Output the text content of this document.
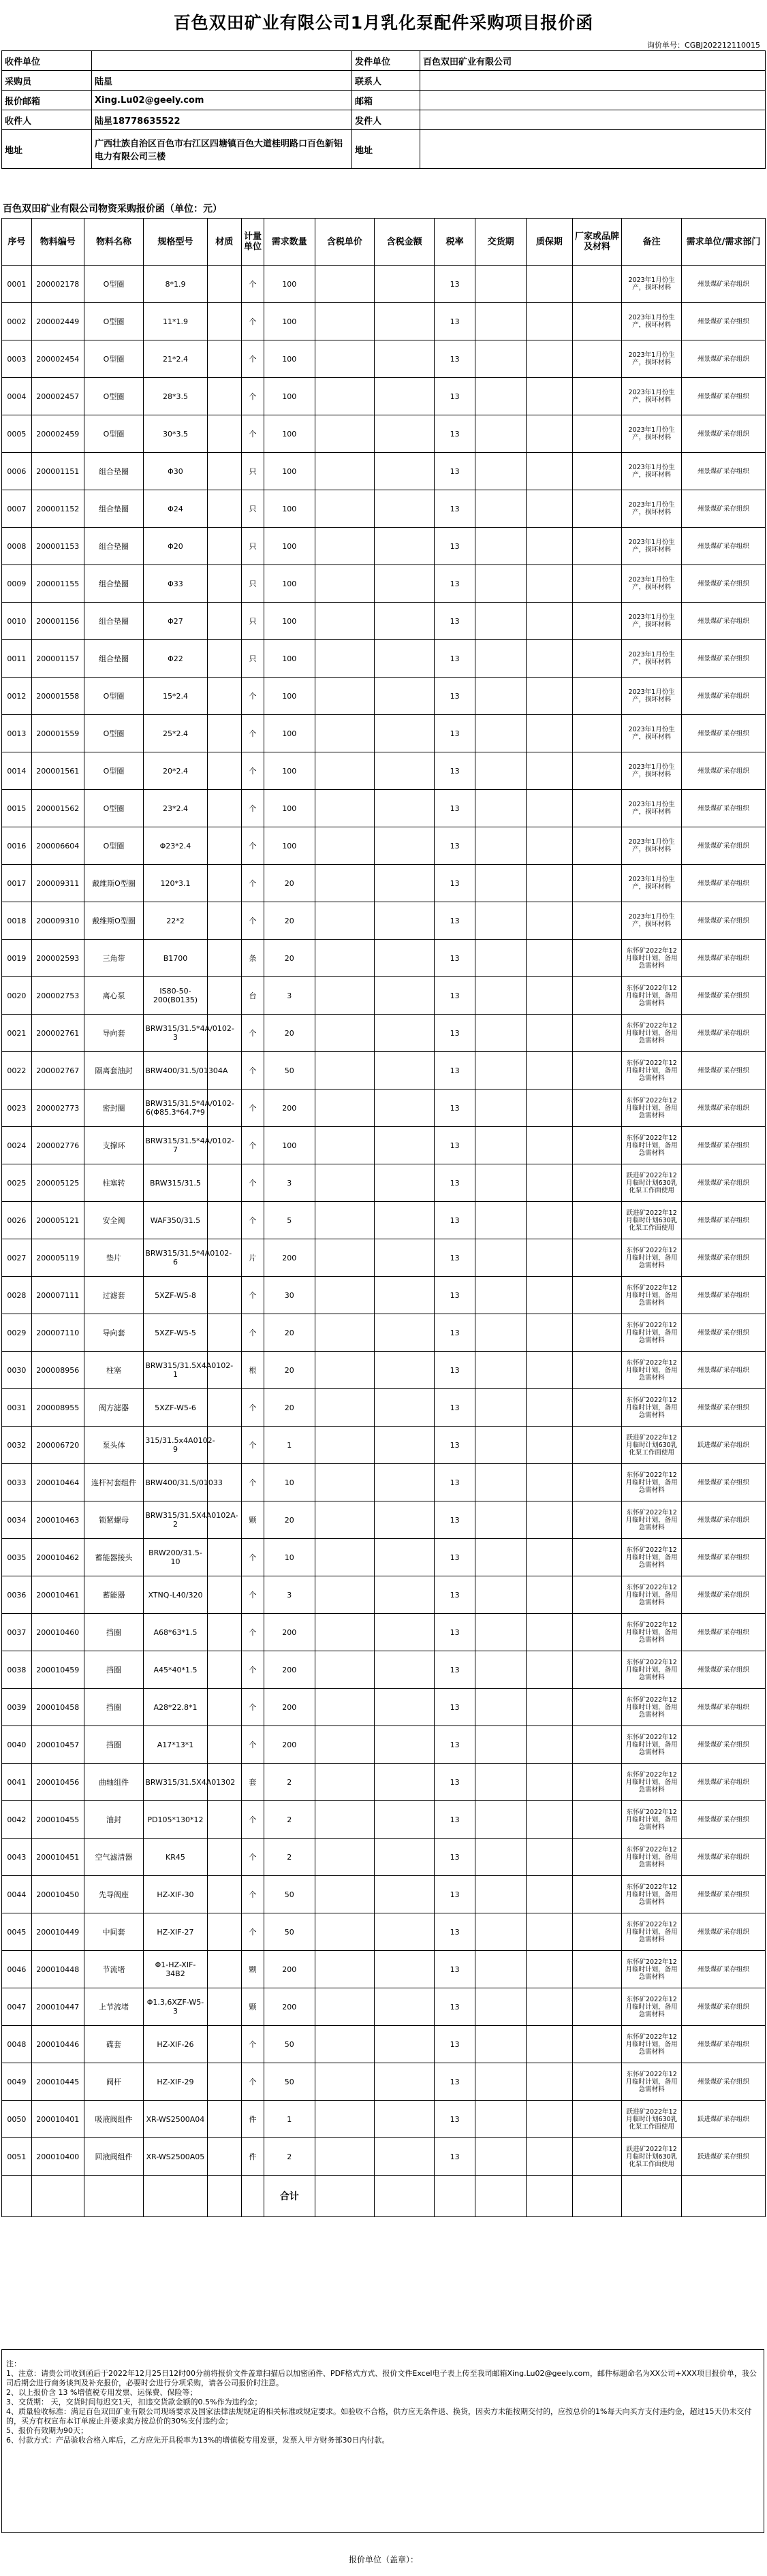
百色双田矿业有限公司1月乳化泵配件采购项目报价函
询价单号：CGBJ202212110015
收件单位		发件单位	百色双田矿业有限公司
采购员	陆星	联系人	
报价邮箱	Xing.Lu02@geely.com	邮箱	
收件人	陆星18778635522	发件人	
地址	广西壮族自治区百色市右江区四塘镇百色大道桂明路口百色新铝电力有限公司三楼	地址	
百色双田矿业有限公司物资采购报价函（单位：元）
序号	物料编号	物料名称	规格型号	材质	计量单位	需求数量	含税单价	含税金额	税率	交货期	质保期	厂家或品牌及材料	备注	需求单位/需求部门
0001	200002178	O型圈	8*1.9		个	100			13				2023年1月份生产，损坏材料	州景煤矿采存组织
0002	200002449	O型圈	11*1.9		个	100			13				2023年1月份生产，损坏材料	州景煤矿采存组织
0003	200002454	O型圈	21*2.4		个	100			13				2023年1月份生产，损坏材料	州景煤矿采存组织
0004	200002457	O型圈	28*3.5		个	100			13				2023年1月份生产，损坏材料	州景煤矿采存组织
0005	200002459	O型圈	30*3.5		个	100			13				2023年1月份生产，损坏材料	州景煤矿采存组织
0006	200001151	组合垫圈	Φ30		只	100			13				2023年1月份生产，损坏材料	州景煤矿采存组织
0007	200001152	组合垫圈	Φ24		只	100			13				2023年1月份生产，损坏材料	州景煤矿采存组织
0008	200001153	组合垫圈	Φ20		只	100			13				2023年1月份生产，损坏材料	州景煤矿采存组织
0009	200001155	组合垫圈	Φ33		只	100			13				2023年1月份生产，损坏材料	州景煤矿采存组织
0010	200001156	组合垫圈	Φ27		只	100			13				2023年1月份生产，损坏材料	州景煤矿采存组织
0011	200001157	组合垫圈	Φ22		只	100			13				2023年1月份生产，损坏材料	州景煤矿采存组织
0012	200001558	O型圈	15*2.4		个	100			13				2023年1月份生产，损坏材料	州景煤矿采存组织
0013	200001559	O型圈	25*2.4		个	100			13				2023年1月份生产，损坏材料	州景煤矿采存组织
0014	200001561	O型圈	20*2.4		个	100			13				2023年1月份生产，损坏材料	州景煤矿采存组织
0015	200001562	O型圈	23*2.4		个	100			13				2023年1月份生产，损坏材料	州景煤矿采存组织
0016	200006604	O型圈	Φ23*2.4		个	100			13				2023年1月份生产，损坏材料	州景煤矿采存组织
0017	200009311	戴维斯O型圈	120*3.1		个	20			13				2023年1月份生产，损坏材料	州景煤矿采存组织
0018	200009310	戴维斯O型圈	22*2		个	20			13				2023年1月份生产，损坏材料	州景煤矿采存组织
0019	200002593	三角带	B1700		条	20			13				东怀矿2022年12月临时计划，备用急需材料	州景煤矿采存组织
0020	200002753	离心泵	IS80-50-200(B0135)		台	3			13				东怀矿2022年12月临时计划，备用急需材料	州景煤矿采存组织
0021	200002761	导向套	BRW315/31.5*4A/0102-3		个	20			13				东怀矿2022年12月临时计划，备用急需材料	州景煤矿采存组织
0022	200002767	隔离套油封	BRW400/31.5/01304A		个	50			13				东怀矿2022年12月临时计划，备用急需材料	州景煤矿采存组织
0023	200002773	密封圈	BRW315/31.5*4A/0102-6(Φ85.3*64.7*9		个	200			13				东怀矿2022年12月临时计划，备用急需材料	州景煤矿采存组织
0024	200002776	支撑环	BRW315/31.5*4A/0102-7		个	100			13				东怀矿2022年12月临时计划，备用急需材料	州景煤矿采存组织
0025	200005125	柱塞转	BRW315/31.5		个	3			13				跃进矿2022年12月临时计划630乳化泵工作面使用	州景煤矿采存组织
0026	200005121	安全阀	WAF350/31.5		个	5			13				跃进矿2022年12月临时计划630乳化泵工作面使用	州景煤矿采存组织
0027	200005119	垫片	BRW315/31.5*4A0102-6		片	200			13				东怀矿2022年12月临时计划，备用急需材料	州景煤矿采存组织
0028	200007111	过滤套	5XZF-W5-8		个	30			13				东怀矿2022年12月临时计划，备用急需材料	州景煤矿采存组织
0029	200007110	导向套	5XZF-W5-5		个	20			13				东怀矿2022年12月临时计划，备用急需材料	州景煤矿采存组织
0030	200008956	柱塞	BRW315/31.5X4A0102-1		根	20			13				东怀矿2022年12月临时计划，备用急需材料	州景煤矿采存组织
0031	200008955	阀方滤器	5XZF-W5-6		个	20			13				东怀矿2022年12月临时计划，备用急需材料	州景煤矿采存组织
0032	200006720	泵头体	315/31.5x4A0102-9		个	1			13				跃进矿2022年12月临时计划630乳化泵工作面使用	跃进煤矿采存组织
0033	200010464	连杆衬套组件	BRW400/31.5/01033		个	10			13				东怀矿2022年12月临时计划，备用急需材料	州景煤矿采存组织
0034	200010463	锁紧螺母	BRW315/31.5X4A0102A-2		颗	20			13				东怀矿2022年12月临时计划，备用急需材料	州景煤矿采存组织
0035	200010462	蓄能器接头	BRW200/31.5-10		个	10			13				东怀矿2022年12月临时计划，备用急需材料	州景煤矿采存组织
0036	200010461	蓄能器	XTNQ-L40/320		个	3			13				东怀矿2022年12月临时计划，备用急需材料	州景煤矿采存组织
0037	200010460	挡圈	A68*63*1.5		个	200			13				东怀矿2022年12月临时计划，备用急需材料	州景煤矿采存组织
0038	200010459	挡圈	A45*40*1.5		个	200			13				东怀矿2022年12月临时计划，备用急需材料	州景煤矿采存组织
0039	200010458	挡圈	A28*22.8*1		个	200			13				东怀矿2022年12月临时计划，备用急需材料	州景煤矿采存组织
0040	200010457	挡圈	A17*13*1		个	200			13				东怀矿2022年12月临时计划，备用急需材料	州景煤矿采存组织
0041	200010456	曲轴组件	BRW315/31.5X4A01302		套	2			13				东怀矿2022年12月临时计划，备用急需材料	州景煤矿采存组织
0042	200010455	油封	PD105*130*12		个	2			13				东怀矿2022年12月临时计划，备用急需材料	州景煤矿采存组织
0043	200010451	空气滤清器	KR45		个	2			13				东怀矿2022年12月临时计划，备用急需材料	州景煤矿采存组织
0044	200010450	先导阀座	HZ-XIF-30		个	50			13				东怀矿2022年12月临时计划，备用急需材料	州景煤矿采存组织
0045	200010449	中间套	HZ-XIF-27		个	50			13				东怀矿2022年12月临时计划，备用急需材料	州景煤矿采存组织
0046	200010448	节流堵	Φ1-HZ-XIF-34B2		颗	200			13				东怀矿2022年12月临时计划，备用急需材料	州景煤矿采存组织
0047	200010447	上节流堵	Φ1.3,6XZF-W5-3		颗	200			13				东怀矿2022年12月临时计划，备用急需材料	州景煤矿采存组织
0048	200010446	碟套	HZ-XIF-26		个	50			13				东怀矿2022年12月临时计划，备用急需材料	州景煤矿采存组织
0049	200010445	阀杆	HZ-XIF-29		个	50			13				东怀矿2022年12月临时计划，备用急需材料	州景煤矿采存组织
0050	200010401	吸液阀组件	XR-WS2500A04		件	1			13				跃进矿2022年12月临时计划630乳化泵工作面使用	跃进煤矿采存组织
0051	200010400	回液阀组件	XR-WS2500A05		件	2			13				跃进矿2022年12月临时计划630乳化泵工作面使用	跃进煤矿采存组织
						合计								

注：

1、注意：请贵公司收到函后于2022年12月25日12时00分前将报价文件盖章扫描后以加密函件、PDF格式方式、报价文件Excel电子表上传至我司邮箱Xing.Lu02@geely.com，邮件标题命名为XX公司+XXX项目报价单，我公司后期会进行商务谈判及补充报价，必要时会进行分项采购，请各公司报价时注意。

2、以上报价含 13 %增值税专用发票、运保费、保险等；

3、交货期： 天，交货时间每迟交1天，扣违交货款金额的0.5%作为违约金；

4、质量验收标准：满足百色双田矿业有限公司现场要求及国家法律法规规定的相关标准或规定要求。如验收不合格，供方应无条件退、换货，因卖方未能按期交付的，应按总价的1%每天向买方支付违约金，超过15天仍未交付的，买方有权宣布本订单废止并要求卖方按总价的30%支付违约金；

5、报价有效期为90天；

6、付款方式：产品验收合格入库后，乙方应先开具税率为13%的增值税专用发票，发票入甲方财务部30日内付款。

报价单位（盖章）：
